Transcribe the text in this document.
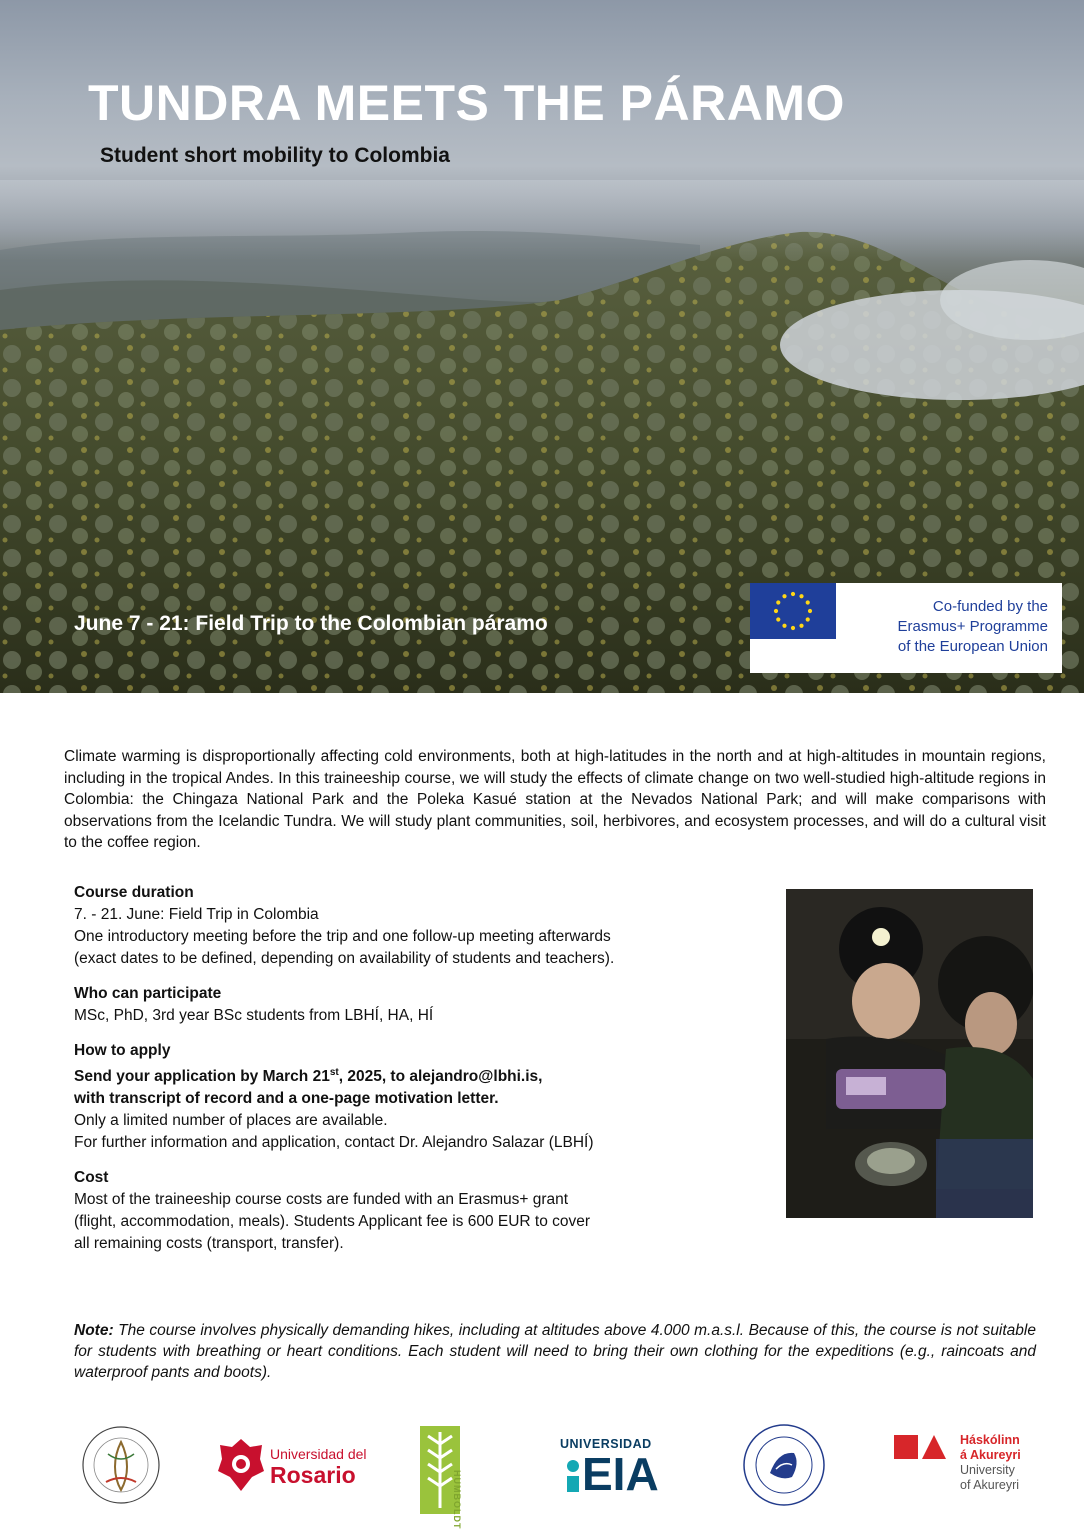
TUNDRA MEETS THE PÁRAMO
Student short mobility to Colombia
June 7 - 21: Field Trip to the Colombian páramo
Co-funded by the
Erasmus+ Programme
of the European Union

Climate warming is disproportionally affecting cold environments, both at high-latitudes in the north and at high-altitudes in mountain regions, including in the tropical Andes. In this traineeship course, we will study the effects of climate change on two well-studied high-altitude regions in Colombia: the Chingaza National Park and the Poleka Kasué station at the Nevados National Park; and will make comparisons with observations from the Icelandic Tundra. We will study plant communities, soil, herbivores, and ecosystem processes, and will do a cultural visit to the coffee region.

Course duration

7. - 21. June: Field Trip in Colombia

One introductory meeting before the trip and one follow-up meeting afterwards

(exact dates to be defined, depending on availability of students and teachers).

Who can participate

MSc, PhD, 3rd year BSc students from LBHÍ, HA, HÍ

How to apply

Send your application by March 21st, 2025, to alejandro@lbhi.is,

with transcript of record and a one-page motivation letter.

Only a limited number of places are available.

For further information and application, contact Dr. Alejandro Salazar (LBHÍ)

Cost

Most of the traineeship course costs are funded with an Erasmus+ grant

(flight, accommodation, meals). Students Applicant fee is 600 EUR to cover

all remaining costs (transport, transfer).

Note: The course involves physically demanding hikes, including at altitudes above 4.000 m.a.s.l. Because of this, the course is not suitable for students with breathing or heart conditions. Each student will need to bring their own clothing for the expeditions (e.g., raincoats and waterproof pants and boots).

Universidad del
Rosario	HUMBOLDT
UNIVERSIDAD
EIA
Háskólinn
á Akureyri
University
of Akureyri
